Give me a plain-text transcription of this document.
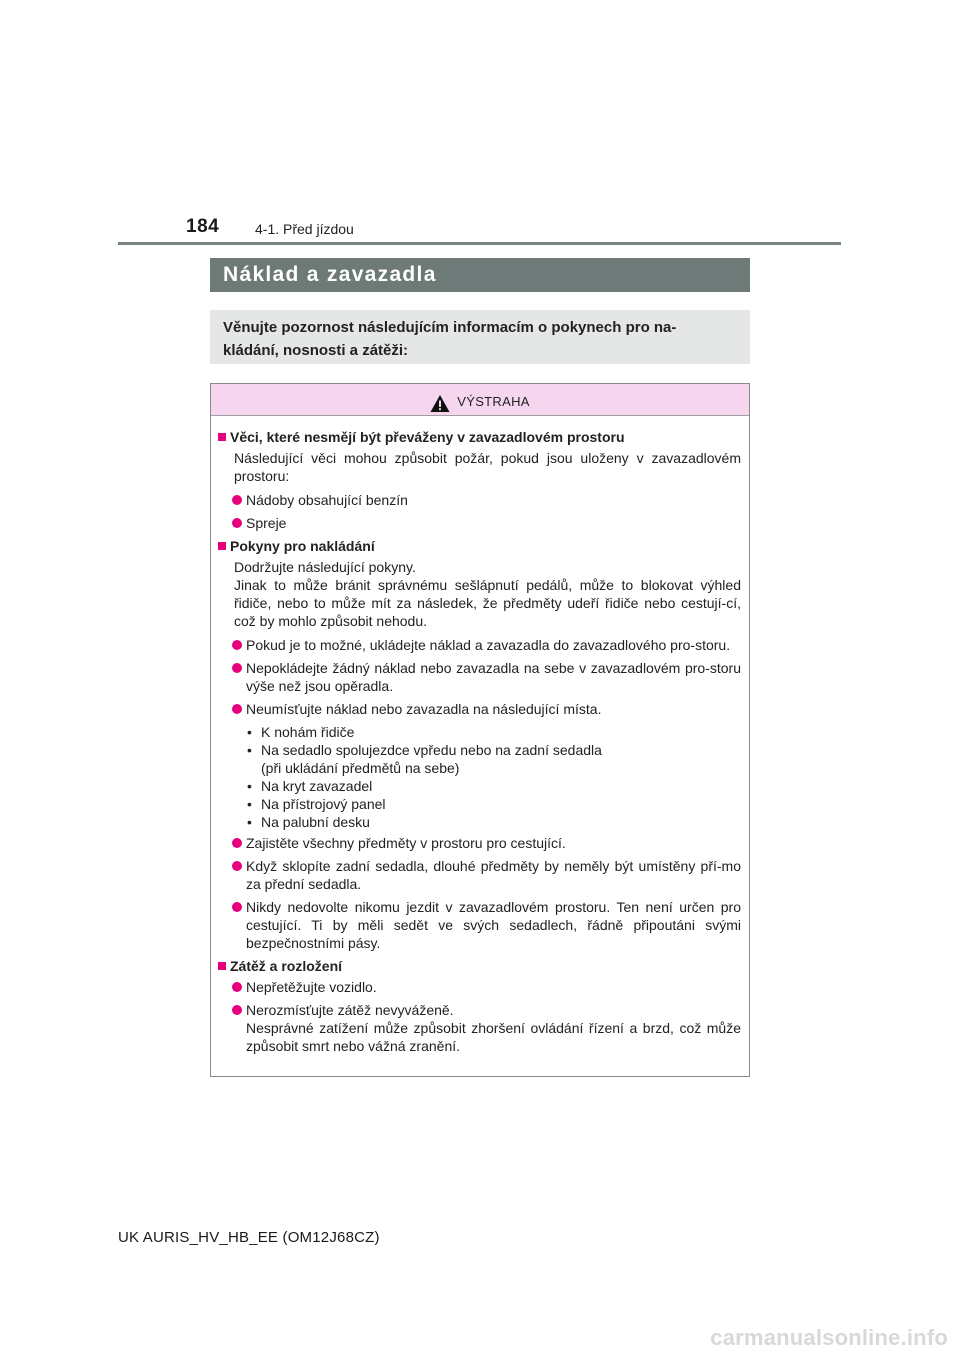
184	4-1. Před jízdou
Náklad a zavazadla
Věnujte pozornost následujícím informacím o pokynech pro na-
kládání, nosnosti a zátěži:
VÝSTRAHA
Věci, které nesmějí být převáženy v zavazadlovém prostoru
Následující věci mohou způsobit požár, pokud jsou uloženy v zavazadlovém prostoru:
Nádoby obsahující benzín
Spreje
Pokyny pro nakládání
Dodržujte následující pokyny.
Jinak to může bránit správnému sešlápnutí pedálů, může to blokovat výhled řidiče, nebo to může mít za následek, že předměty udeří řidiče nebo cestují-cí, což by mohlo způsobit nehodu.
Pokud je to možné, ukládejte náklad a zavazadla do zavazadlového pro-storu.
Nepokládejte žádný náklad nebo zavazadla na sebe v zavazadlovém pro-storu výše než jsou opěradla.
Neumísťujte náklad nebo zavazadla na následující místa.
• K nohám řidiče
• Na sedadlo spolujezdce vpředu nebo na zadní sedadla
(při ukládání předmětů na sebe)
• Na kryt zavazadel
• Na přístrojový panel
• Na palubní desku
Zajistěte všechny předměty v prostoru pro cestující.
Když sklopíte zadní sedadla, dlouhé předměty by neměly být umístěny pří-mo za přední sedadla.
Nikdy nedovolte nikomu jezdit v zavazadlovém prostoru. Ten není určen pro cestující. Ti by měli sedět ve svých sedadlech, řádně připoutáni svými bezpečnostními pásy.
Zátěž a rozložení
Nepřetěžujte vozidlo.
Nerozmísťujte zátěž nevyváženě.
Nesprávné zatížení může způsobit zhoršení ovládání řízení a brzd, což může způsobit smrt nebo vážná zranění.
UK AURIS_HV_HB_EE (OM12J68CZ)
carmanualsonline.info
